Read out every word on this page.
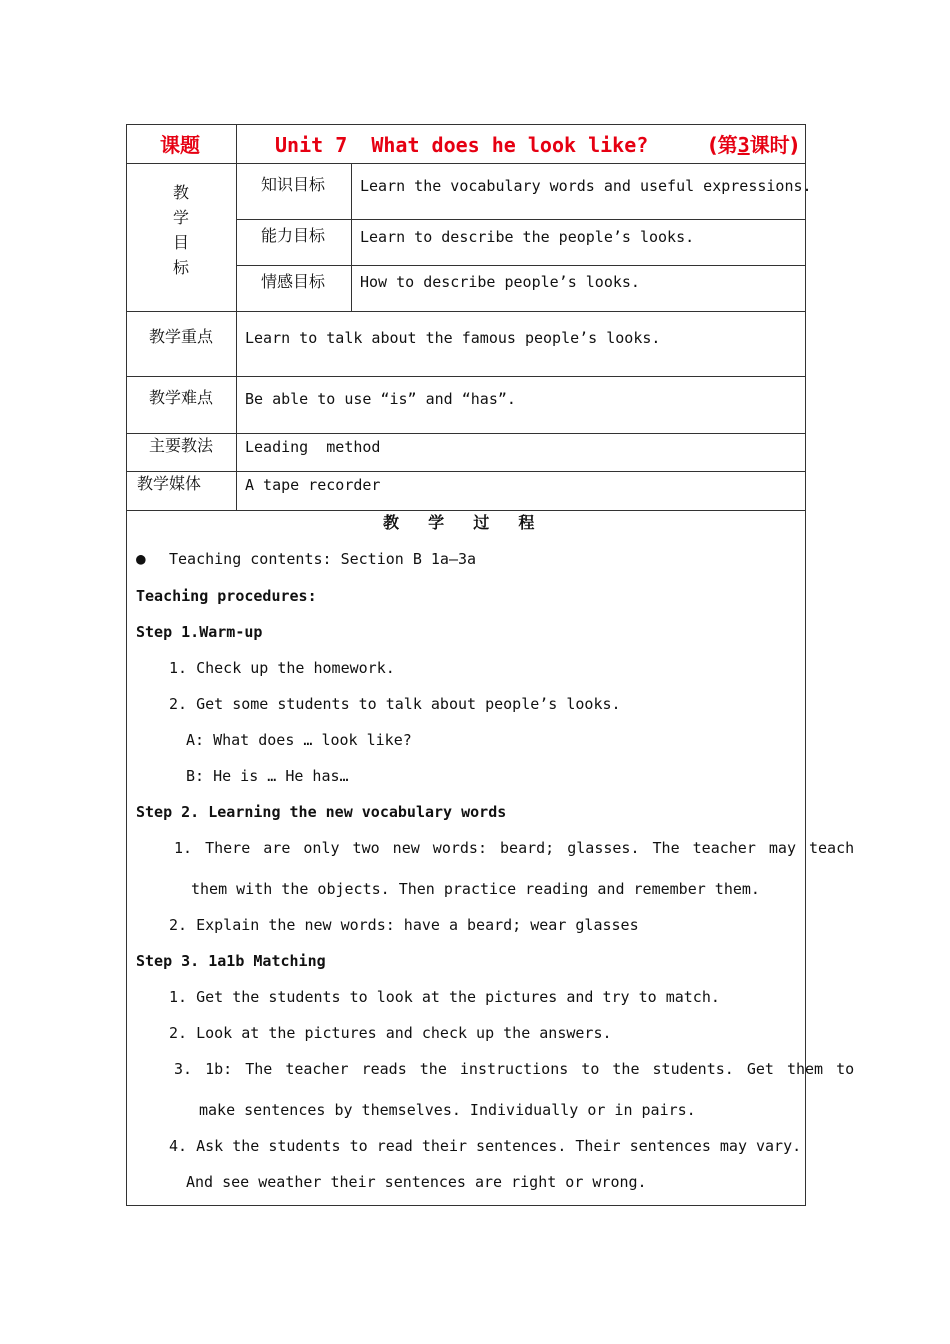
课题	Unit 7  What does he look like?	(第3课时)
教
学
目
标
知识目标 Learn the vocabulary words and useful expressions.
能力目标 Learn to describe the people’s looks.
情感目标 How to describe people’s looks.
教学重点 Learn to talk about the famous people’s looks.
教学难点 Be able to use “is” and “has”.
主要教法 Leading  method
教学媒体	A tape recorder
教  学  过  程
● Teaching contents: Section B 1a—3a
Teaching procedures:
Step 1.Warm-up
1. Check up the homework.
2. Get some students to talk about people’s looks.
A: What does … look like?
B: He is … He has…
Step 2. Learning the new vocabulary words
1. There are only two new words: beard; glasses. The teacher may teach
them with the objects. Then practice reading and remember them.
2. Explain the new words: have a beard; wear glasses
Step 3. 1a1b Matching
1. Get the students to look at the pictures and try to match.
2. Look at the pictures and check up the answers.
3. 1b: The teacher reads the instructions to the students. Get them to
make sentences by themselves. Individually or in pairs.
4. Ask the students to read their sentences. Their sentences may vary.
And see weather their sentences are right or wrong.
